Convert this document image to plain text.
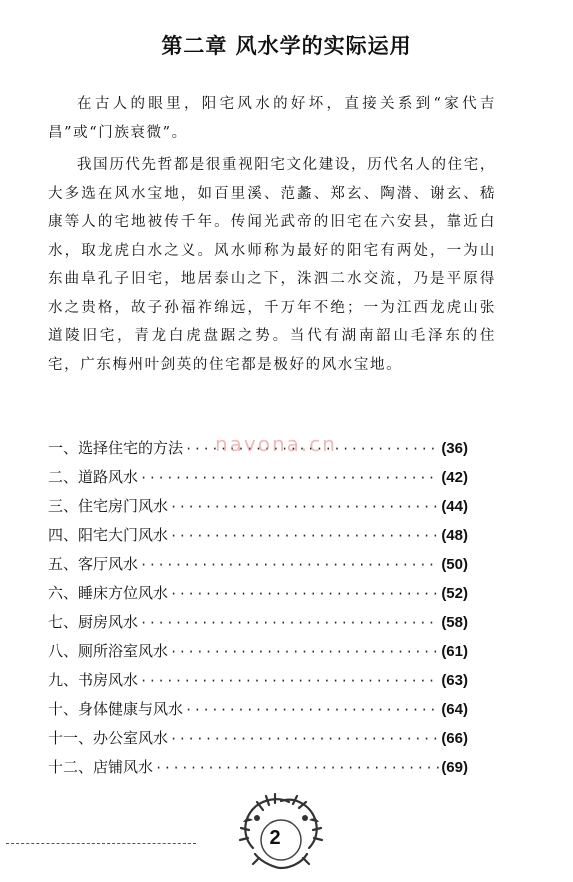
第二章 风水学的实际运用

在古人的眼里，阳宅风水的好坏，直接关系到“家代吉昌”或“门族衰微”。

我国历代先哲都是很重视阳宅文化建设，历代名人的住宅，大多选在风水宝地，如百里溪、范蠡、郑玄、陶潜、谢玄、嵇康等人的宅地被传千年。传闻光武帝的旧宅在六安县，靠近白水，取龙虎白水之义。风水师称为最好的阳宅有两处，一为山东曲阜孔子旧宅，地居泰山之下，洙泗二水交流，乃是平原得水之贵格，故子孙福祚绵远，千万年不绝；一为江西龙虎山张道陵旧宅，青龙白虎盘踞之势。当代有湖南韶山毛泽东的住宅，广东梅州叶剑英的住宅都是极好的风水宝地。

一、选择住宅的方法 ·····	(36)
二、道路风水 ·····	(42)
三、住宅房门风水 ·····	(44)
四、阳宅大门风水 ·····	(48)
五、客厅风水 ·····	(50)
六、睡床方位风水 ·····	(52)
七、厨房风水 ·····	(58)
八、厕所浴室风水 ·····	(61)
九、书房风水 ·····	(63)
十、身体健康与风水 ·····	(64)
十一、办公室风水 ·····	(66)
十二、店铺风水 ·····	(69)
navona.cn
2
